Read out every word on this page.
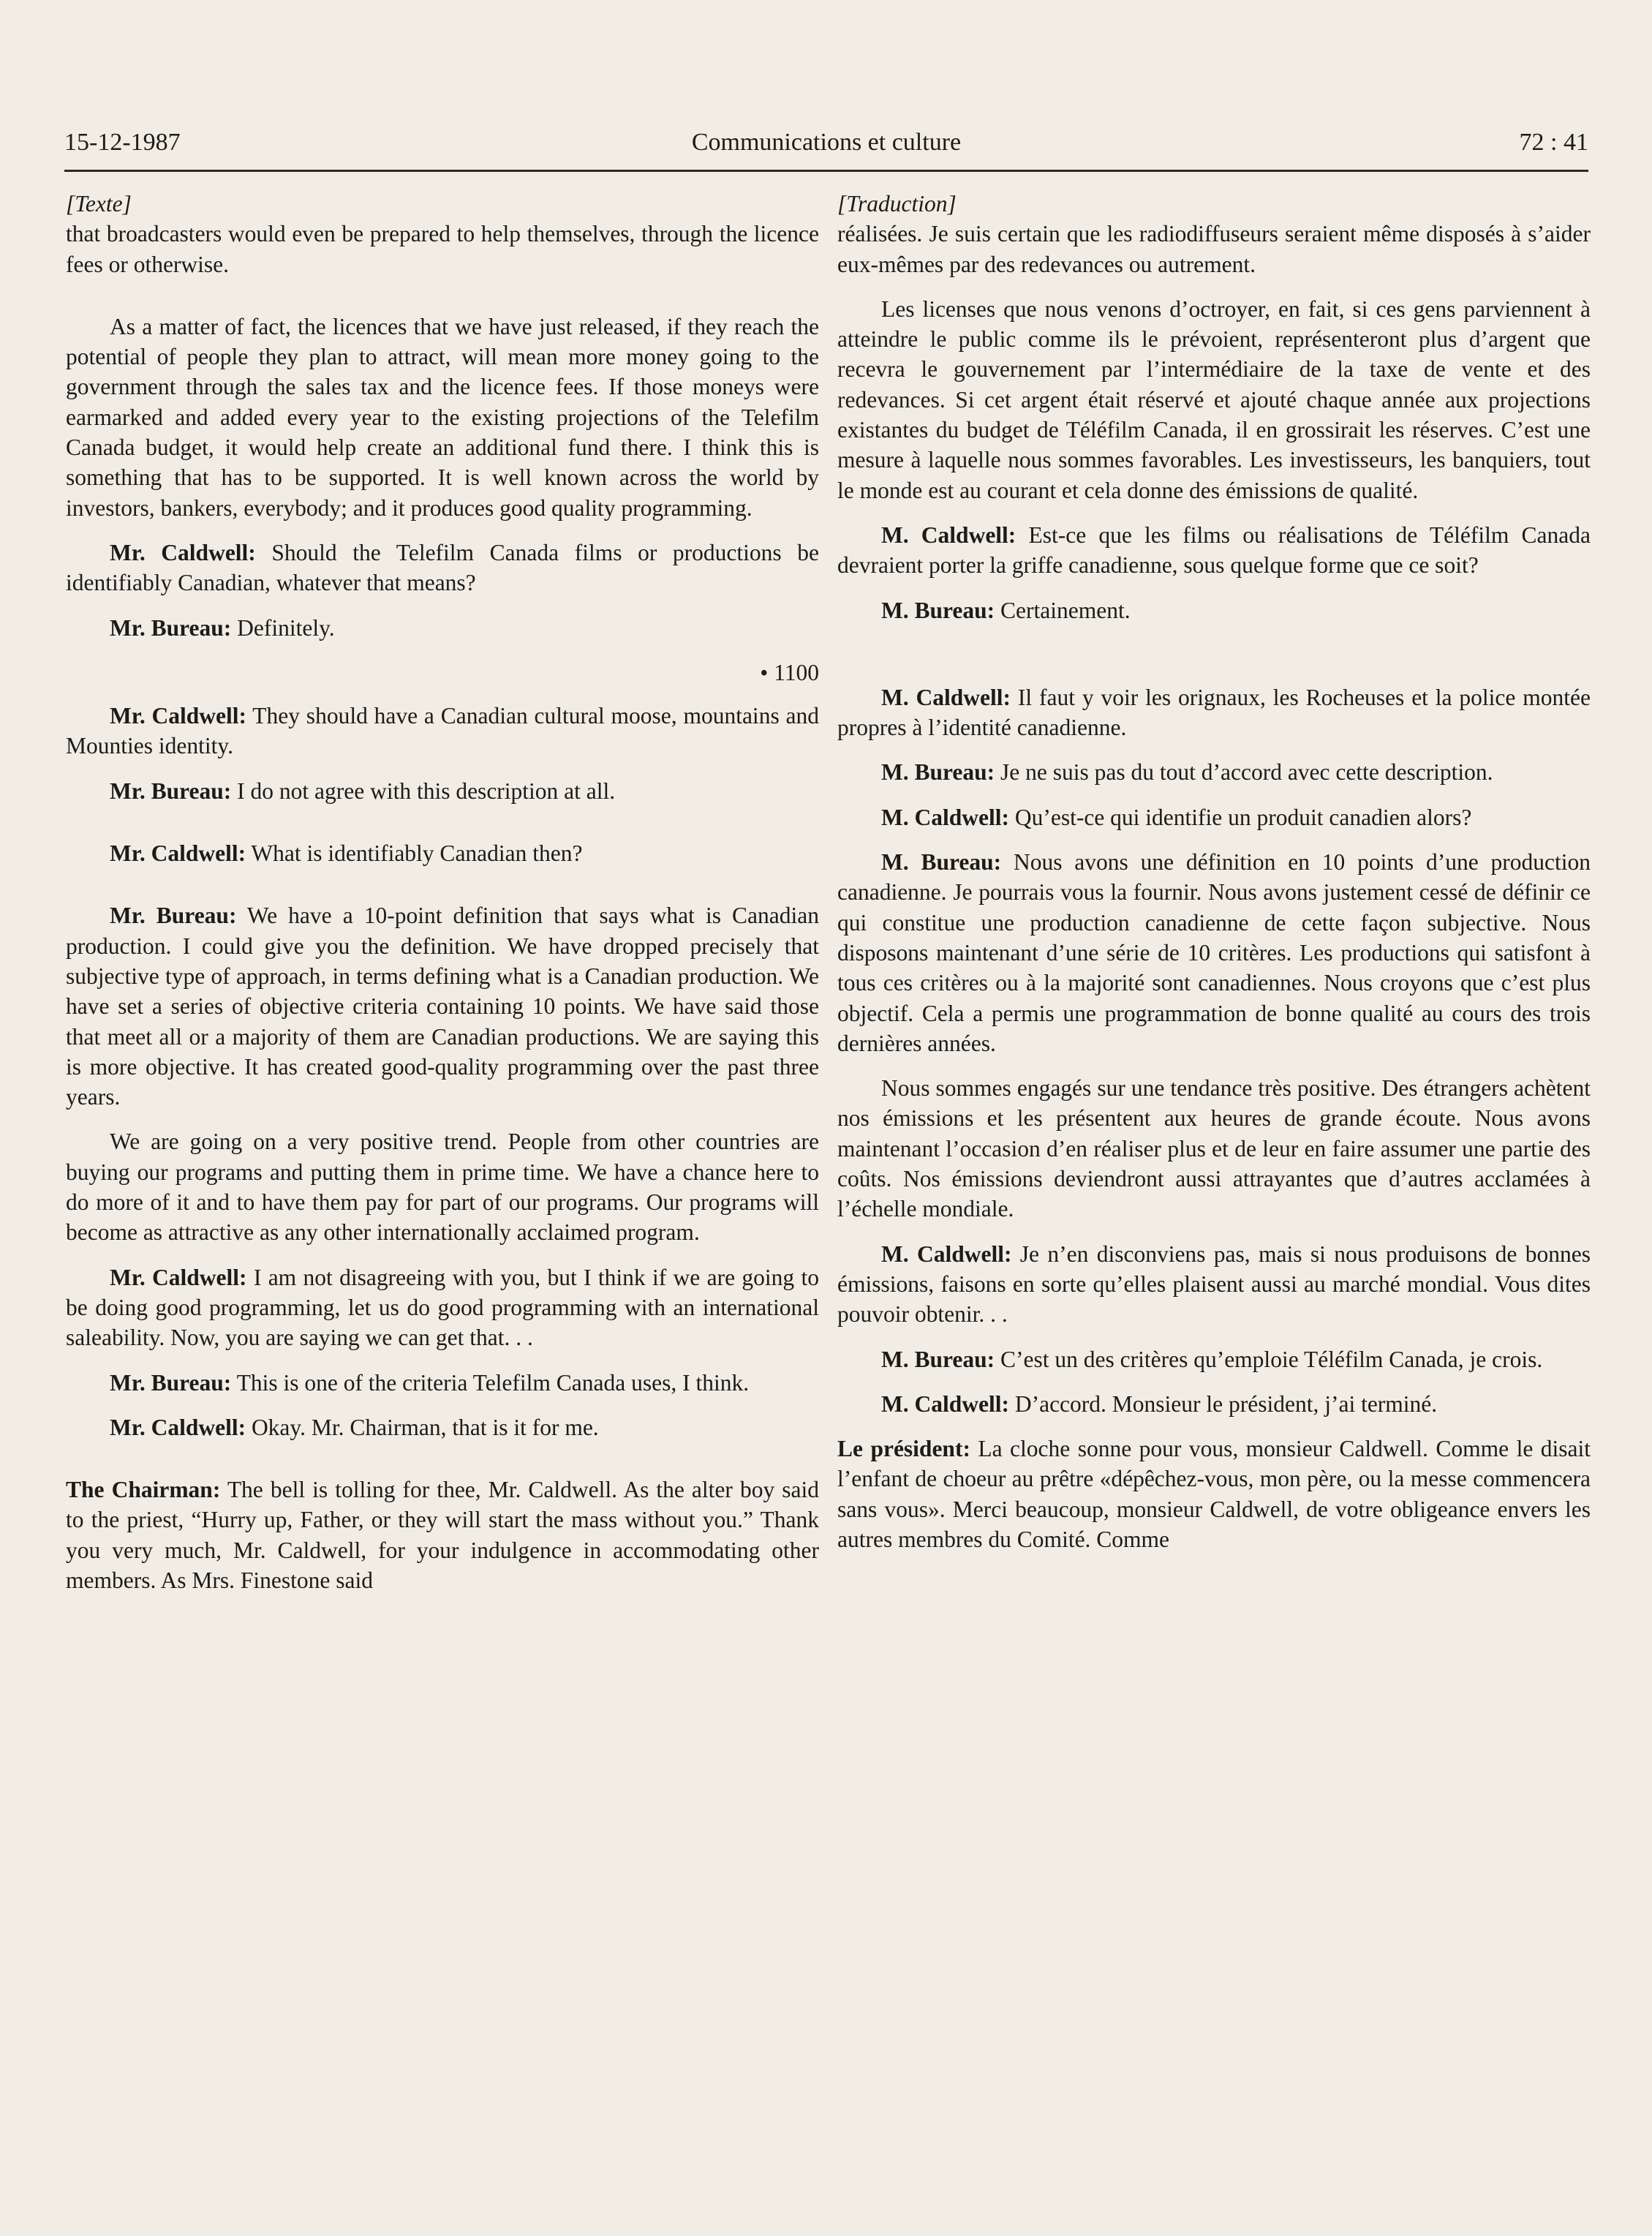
15-12-1987	Communications et culture	72 : 41

[Texte]

that broadcasters would even be prepared to help themselves, through the licence fees or otherwise.

As a matter of fact, the licences that we have just released, if they reach the potential of people they plan to attract, will mean more money going to the government through the sales tax and the licence fees. If those moneys were earmarked and added every year to the existing projections of the Telefilm Canada budget, it would help create an additional fund there. I think this is something that has to be supported. It is well known across the world by investors, bankers, everybody; and it produces good quality programming.

Mr. Caldwell: Should the Telefilm Canada films or productions be identifiably Canadian, whatever that means?

Mr. Bureau: Definitely.

• 1100

Mr. Caldwell: They should have a Canadian cultural moose, mountains and Mounties identity.

Mr. Bureau: I do not agree with this description at all.

Mr. Caldwell: What is identifiably Canadian then?

Mr. Bureau: We have a 10-point definition that says what is Canadian production. I could give you the definition. We have dropped precisely that subjective type of approach, in terms defining what is a Canadian production. We have set a series of objective criteria containing 10 points. We have said those that meet all or a majority of them are Canadian productions. We are saying this is more objective. It has created good-quality programming over the past three years.

We are going on a very positive trend. People from other countries are buying our programs and putting them in prime time. We have a chance here to do more of it and to have them pay for part of our programs. Our programs will become as attractive as any other internationally acclaimed program.

Mr. Caldwell: I am not disagreeing with you, but I think if we are going to be doing good programming, let us do good programming with an international saleability. Now, you are saying we can get that. . .

Mr. Bureau: This is one of the criteria Telefilm Canada uses, I think.

Mr. Caldwell: Okay. Mr. Chairman, that is it for me.

The Chairman: The bell is tolling for thee, Mr. Caldwell. As the alter boy said to the priest, “Hurry up, Father, or they will start the mass without you.” Thank you very much, Mr. Caldwell, for your indulgence in accommodating other members. As Mrs. Finestone said

[Traduction]

réalisées. Je suis certain que les radiodiffuseurs seraient même disposés à s’aider eux-mêmes par des redevances ou autrement.

Les licenses que nous venons d’octroyer, en fait, si ces gens parviennent à atteindre le public comme ils le prévoient, représenteront plus d’argent que recevra le gouvernement par l’intermédiaire de la taxe de vente et des redevances. Si cet argent était réservé et ajouté chaque année aux projections existantes du budget de Téléfilm Canada, il en grossirait les réserves. C’est une mesure à laquelle nous sommes favorables. Les investisseurs, les banquiers, tout le monde est au courant et cela donne des émissions de qualité.

M. Caldwell: Est-ce que les films ou réalisations de Téléfilm Canada devraient porter la griffe canadienne, sous quelque forme que ce soit?

M. Bureau: Certainement.

M. Caldwell: Il faut y voir les orignaux, les Rocheuses et la police montée propres à l’identité canadienne.

M. Bureau: Je ne suis pas du tout d’accord avec cette description.

M. Caldwell: Qu’est-ce qui identifie un produit canadien alors?

M. Bureau: Nous avons une définition en 10 points d’une production canadienne. Je pourrais vous la fournir. Nous avons justement cessé de définir ce qui constitue une production canadienne de cette façon subjective. Nous disposons maintenant d’une série de 10 critères. Les productions qui satisfont à tous ces critères ou à la majorité sont canadiennes. Nous croyons que c’est plus objectif. Cela a permis une programmation de bonne qualité au cours des trois dernières années.

Nous sommes engagés sur une tendance très positive. Des étrangers achètent nos émissions et les présentent aux heures de grande écoute. Nous avons maintenant l’occasion d’en réaliser plus et de leur en faire assumer une partie des coûts. Nos émissions deviendront aussi attrayantes que d’autres acclamées à l’échelle mondiale.

M. Caldwell: Je n’en disconviens pas, mais si nous produisons de bonnes émissions, faisons en sorte qu’elles plaisent aussi au marché mondial. Vous dites pouvoir obtenir. . .

M. Bureau: C’est un des critères qu’emploie Téléfilm Canada, je crois.

M. Caldwell: D’accord. Monsieur le président, j’ai terminé.

Le président: La cloche sonne pour vous, monsieur Caldwell. Comme le disait l’enfant de choeur au prêtre «dépêchez-vous, mon père, ou la messe commencera sans vous». Merci beaucoup, monsieur Caldwell, de votre obligeance envers les autres membres du Comité. Comme
